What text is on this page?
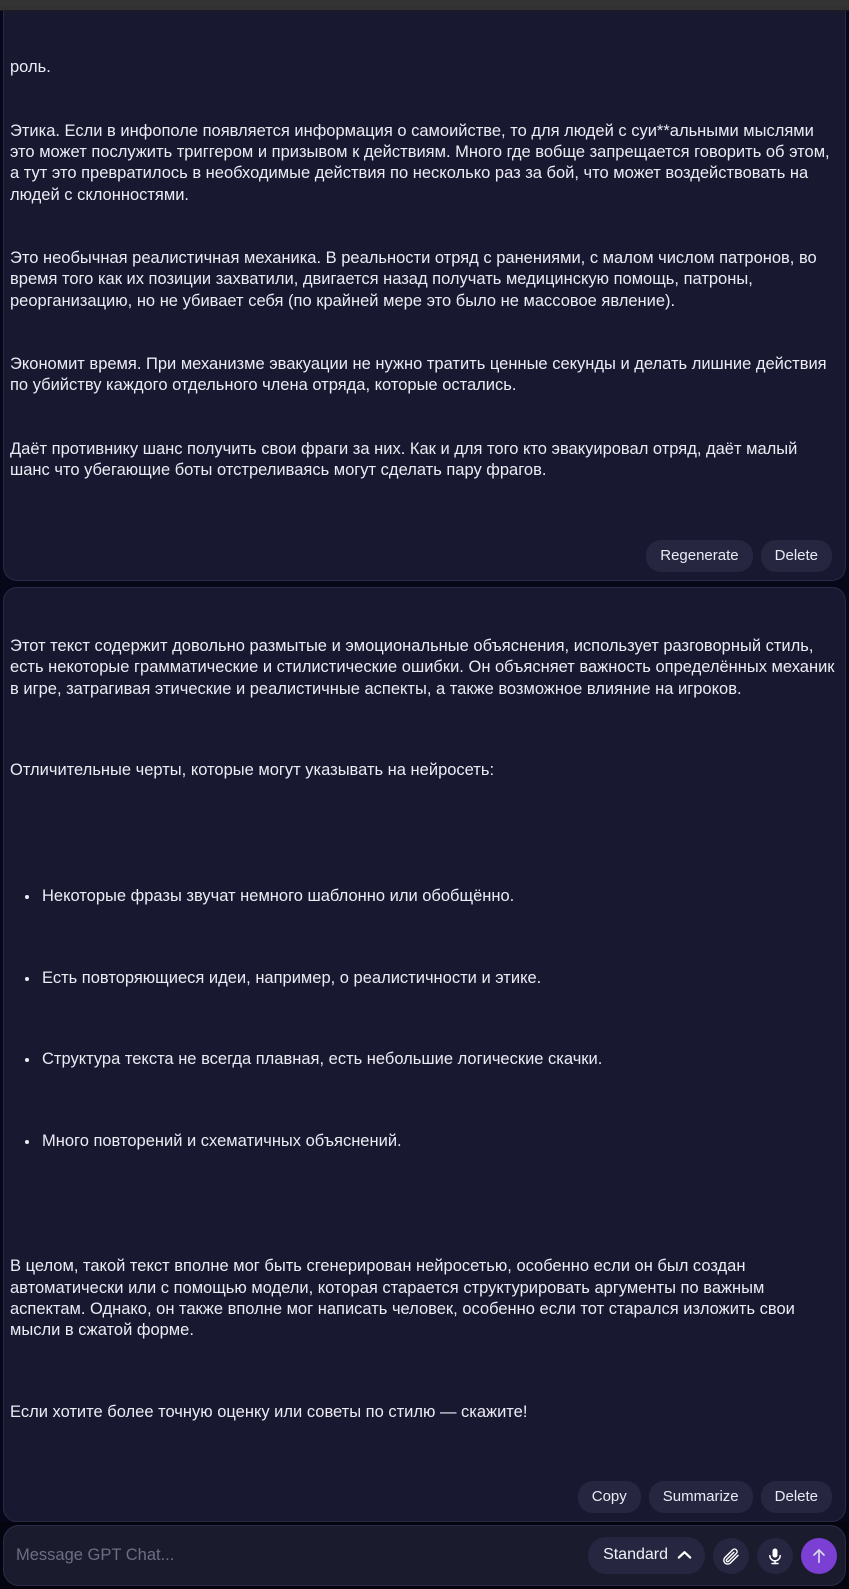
роль.

Этика. Если в инфополе появляется информация о самоийстве, то для людей с суи**альными мыслями это может послужить триггером и призывом к действиям. Много где вобще запрещается говорить об этом, а тут это превратилось в необходимые действия по несколько раз за бой, что может воздействовать на людей с склонностями.

Это необычная реалистичная механика. В реальности отряд с ранениями, с малом числом патронов, во время того как их позиции захватили, двигается назад получать медицинскую помощь, патроны, реорганизацию, но не убивает себя (по крайней мере это было не массовое явление).

Экономит время. При механизме эвакуации не нужно тратить ценные секунды и делать лишние действия по убийству каждого отдельного члена отряда, которые остались.

Даёт противнику шанс получить свои фраги за них. Как и для того кто эвакуировал отряд, даёт малый шанс что убегающие боты отстреливаясь могут сделать пару фрагов.

Regenerate	Delete

Этот текст содержит довольно размытые и эмоциональные объяснения, использует разговорный стиль, есть некоторые грамматические и стилистические ошибки. Он объясняет важность определённых механик в игре, затрагивая этические и реалистичные аспекты, а также возможное влияние на игроков.

Отличительные черты, которые могут указывать на нейросеть:

Некоторые фразы звучат немного шаблонно или обобщённо.

Есть повторяющиеся идеи, например, о реалистичности и этике.

Структура текста не всегда плавная, есть небольшие логические скачки.

Много повторений и схематичных объяснений.

В целом, такой текст вполне мог быть сгенерирован нейросетью, особенно если он был создан автоматически или с помощью модели, которая старается структурировать аргументы по важным аспектам. Однако, он также вполне мог написать человек, особенно если тот старался изложить свои мысли в сжатой форме.

Если хотите более точную оценку или советы по стилю — скажите!

Copy	Summarize	Delete
Message GPT Chat...
Standard
